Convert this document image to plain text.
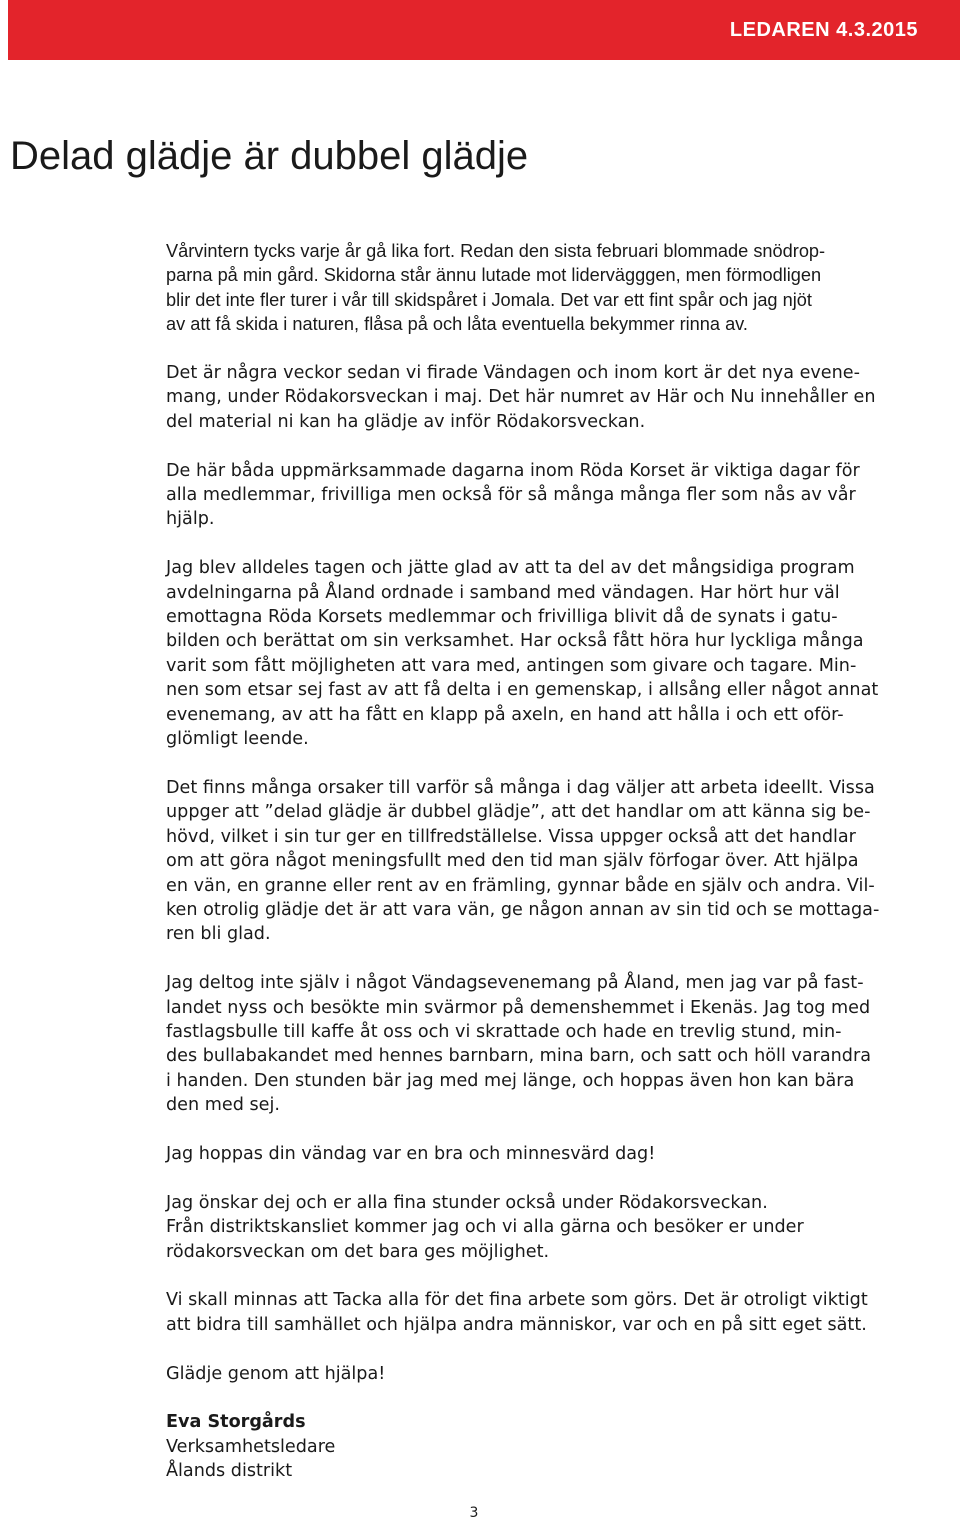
LEDAREN 4.3.2015
Delad glädje är dubbel glädje
Vårvintern tycks varje år gå lika fort. Redan den sista februari blommade snödrop-
parna på min gård. Skidorna står ännu lutade mot lidervägggen, men förmodligen
blir det inte fler turer i vår till skidspåret i Jomala. Det var ett fint spår och jag njöt
av att få skida i naturen, flåsa på och låta eventuella bekymmer rinna av.
Det är några veckor sedan vi firade Vändagen och inom kort är det nya evene-
mang, under Rödakorsveckan i maj. Det här numret av Här och Nu innehåller en
del material ni kan ha glädje av inför Rödakorsveckan.
De här båda uppmärksammade dagarna inom Röda Korset är viktiga dagar för
alla medlemmar, frivilliga men också för så många många fler som nås av vår
hjälp.
Jag blev alldeles tagen och jätte glad av att ta del av det mångsidiga program
avdelningarna på Åland ordnade i samband med vändagen. Har hört hur väl
emottagna Röda Korsets medlemmar och frivilliga blivit då de synats i gatu-
bilden och berättat om sin verksamhet. Har också fått höra hur lyckliga många
varit som fått möjligheten att vara med, antingen som givare och tagare. Min-
nen som etsar sej fast av att få delta i en gemenskap, i allsång eller något annat
evenemang, av att ha fått en klapp på axeln, en hand att hålla i och ett oför-
glömligt leende.
Det finns många orsaker till varför så många i dag väljer att arbeta ideellt. Vissa
uppger att ”delad glädje är dubbel glädje”, att det handlar om att känna sig be-
hövd, vilket i sin tur ger en tillfredställelse. Vissa uppger också att det handlar
om att göra något meningsfullt med den tid man själv förfogar över. Att hjälpa
en vän, en granne eller rent av en främling, gynnar både en själv och andra. Vil-
ken otrolig glädje det är att vara vän, ge någon annan av sin tid och se mottaga-
ren bli glad.
Jag deltog inte själv i något Vändagsevenemang på Åland, men jag var på fast-
landet nyss och besökte min svärmor på demenshemmet i Ekenäs. Jag tog med
fastlagsbulle till kaffe åt oss och vi skrattade och hade en trevlig stund, min-
des bullabakandet med hennes barnbarn, mina barn, och satt och höll varandra
i handen. Den stunden bär jag med mej länge, och hoppas även hon kan bära
den med sej.
Jag hoppas din vändag var en bra och minnesvärd dag!
Jag önskar dej och er alla fina stunder också under Rödakorsveckan.
Från distriktskansliet kommer jag och vi alla gärna och besöker er under
rödakorsveckan om det bara ges möjlighet.
Vi skall minnas att Tacka alla för det fina arbete som görs. Det är otroligt viktigt
att bidra till samhället och hjälpa andra människor, var och en på sitt eget sätt.
Glädje genom att hjälpa!
Eva Storgårds
Verksamhetsledare
Ålands distrikt
3
